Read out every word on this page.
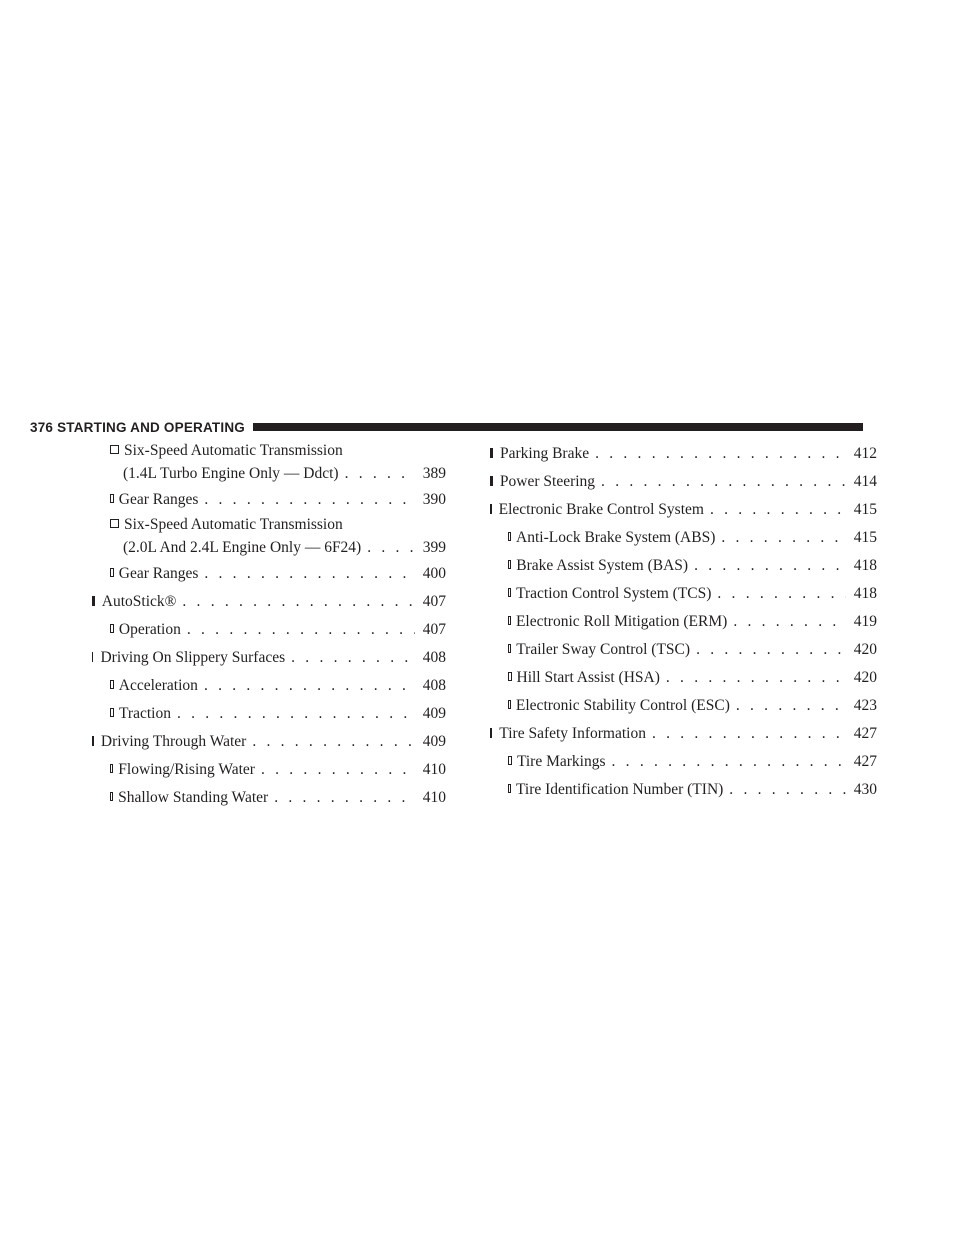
376 STARTING AND OPERATING
Six-Speed Automatic Transmission
(1.4L Turbo Engine Only — Ddct) . . .	389
Gear Ranges . . .	390
Six-Speed Automatic Transmission
(2.0L And 2.4L Engine Only — 6F24) . . .	399
Gear Ranges . . .	400
AutoStick® . . .	407
Operation . . .	407
Driving On Slippery Surfaces . . .	408
Acceleration . . .	408
Traction . . .	409
Driving Through Water . . .	409
Flowing/Rising Water . . .	410
Shallow Standing Water . . .	410
Parking Brake . . .	412
Power Steering . . .	414
Electronic Brake Control System . . .	415
Anti-Lock Brake System (ABS) . . .	415
Brake Assist System (BAS) . . .	418
Traction Control System (TCS) . . .	418
Electronic Roll Mitigation (ERM) . . .	419
Trailer Sway Control (TSC) . . .	420
Hill Start Assist (HSA) . . .	420
Electronic Stability Control (ESC) . . .	423
Tire Safety Information . . .	427
Tire Markings . . .	427
Tire Identification Number (TIN) . . .	430
